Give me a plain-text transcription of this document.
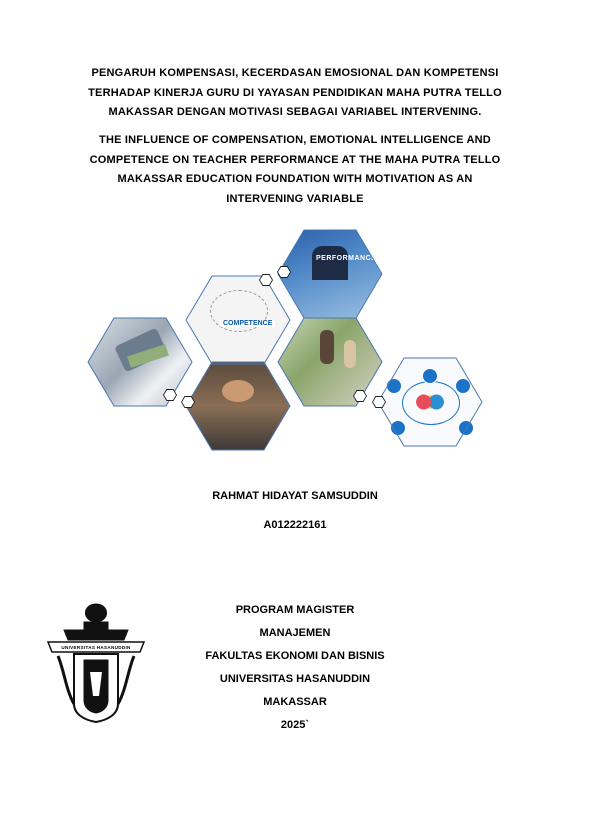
PENGARUH KOMPENSASI, KECERDASAN EMOSIONAL DAN KOMPETENSI
TERHADAP KINERJA GURU DI YAYASAN PENDIDIKAN MAHA PUTRA TELLO
MAKASSAR DENGAN MOTIVASI SEBAGAI VARIABEL INTERVENING.
THE INFLUENCE OF COMPENSATION, EMOTIONAL INTELLIGENCE AND
COMPETENCE ON TEACHER PERFORMANCE AT THE MAHA PUTRA TELLO
MAKASSAR EDUCATION FOUNDATION WITH MOTIVATION AS AN
INTERVENING VARIABLE
COMPETENCE
PERFORMANCE
RAHMAT HIDAYAT SAMSUDDIN
A012222161
UNIVERSITAS HASANUDDIN
PROGRAM MAGISTER
MANAJEMEN
FAKULTAS EKONOMI DAN BISNIS
UNIVERSITAS HASANUDDIN
MAKASSAR
2025`
